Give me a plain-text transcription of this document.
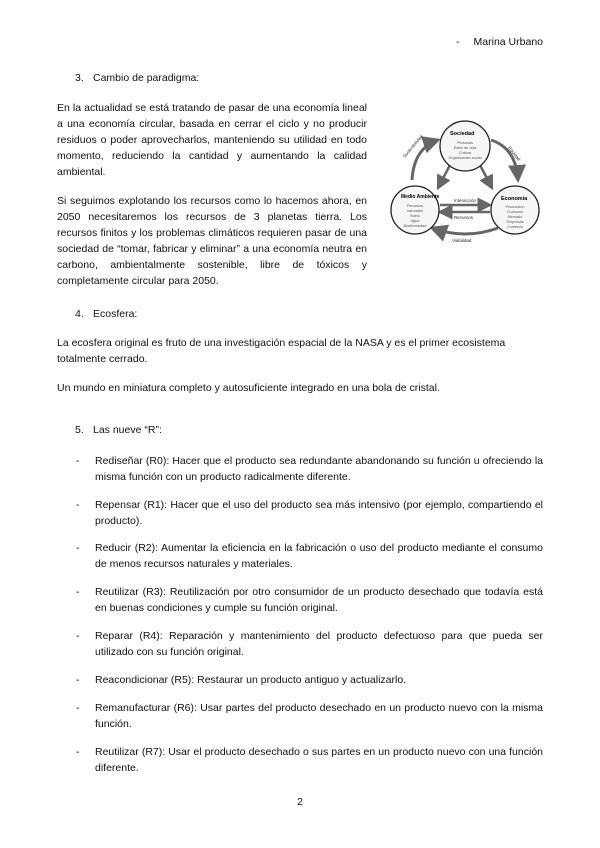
- Marina Urbano
3. Cambio de paradigma:
En la actualidad se está tratando de pasar de una economía lineal a una economía circular, basada en cerrar el ciclo y no producir residuos o poder aprovecharlos, manteniendo su utilidad en todo momento, reduciendo la cantidad y aumentando la calidad ambiental.
Si seguimos explotando los recursos como lo hacemos ahora, en 2050 necesitaremos los recursos de 3 planetas tierra. Los recursos finitos y los problemas climáticos requieren pasar de una sociedad de “tomar, fabricar y eliminar” a una economía neutra en carbono, ambientalmente sostenible, libre de tóxicos y completamente circular para 2050.
Sostenibilidad	Equidad
Viabilidad
Interacción
Recursos
Sociedad
Personas
Estilo de vida
Cultura
Organización social
Medio Ambiente
Recursos
naturales
Suelo
Agua
Biodiversidad
Economía
Producción
Consumo
Mercado
Empresas
Comercio
4. Ecosfera:
La ecosfera original es fruto de una investigación espacial de la NASA y es el primer ecosistema totalmente cerrado.
Un mundo en miniatura completo y autosuficiente integrado en una bola de cristal.
5. Las nueve “R”:
- Rediseñar (R0): Hacer que el producto sea redundante abandonando su función u ofreciendo la misma función con un producto radicalmente diferente.
- Repensar (R1): Hacer que el uso del producto sea más intensivo (por ejemplo, compartiendo el producto).
- Reducir (R2): Aumentar la eficiencia en la fabricación o uso del producto mediante el consumo de menos recursos naturales y materiales.
- Reutilizar (R3): Reutilización por otro consumidor de un producto desechado que todavía está en buenas condiciones y cumple su función original.
- Reparar (R4): Reparación y mantenimiento del producto defectuoso para que pueda ser utilizado con su función original.
- Reacondicionar (R5): Restaurar un producto antiguo y actualizarlo.
- Remanufacturar (R6): Usar partes del producto desechado en un producto nuevo con la misma función.
- Reutilizar (R7): Usar el producto desechado o sus partes en un producto nuevo con una función diferente.
2
